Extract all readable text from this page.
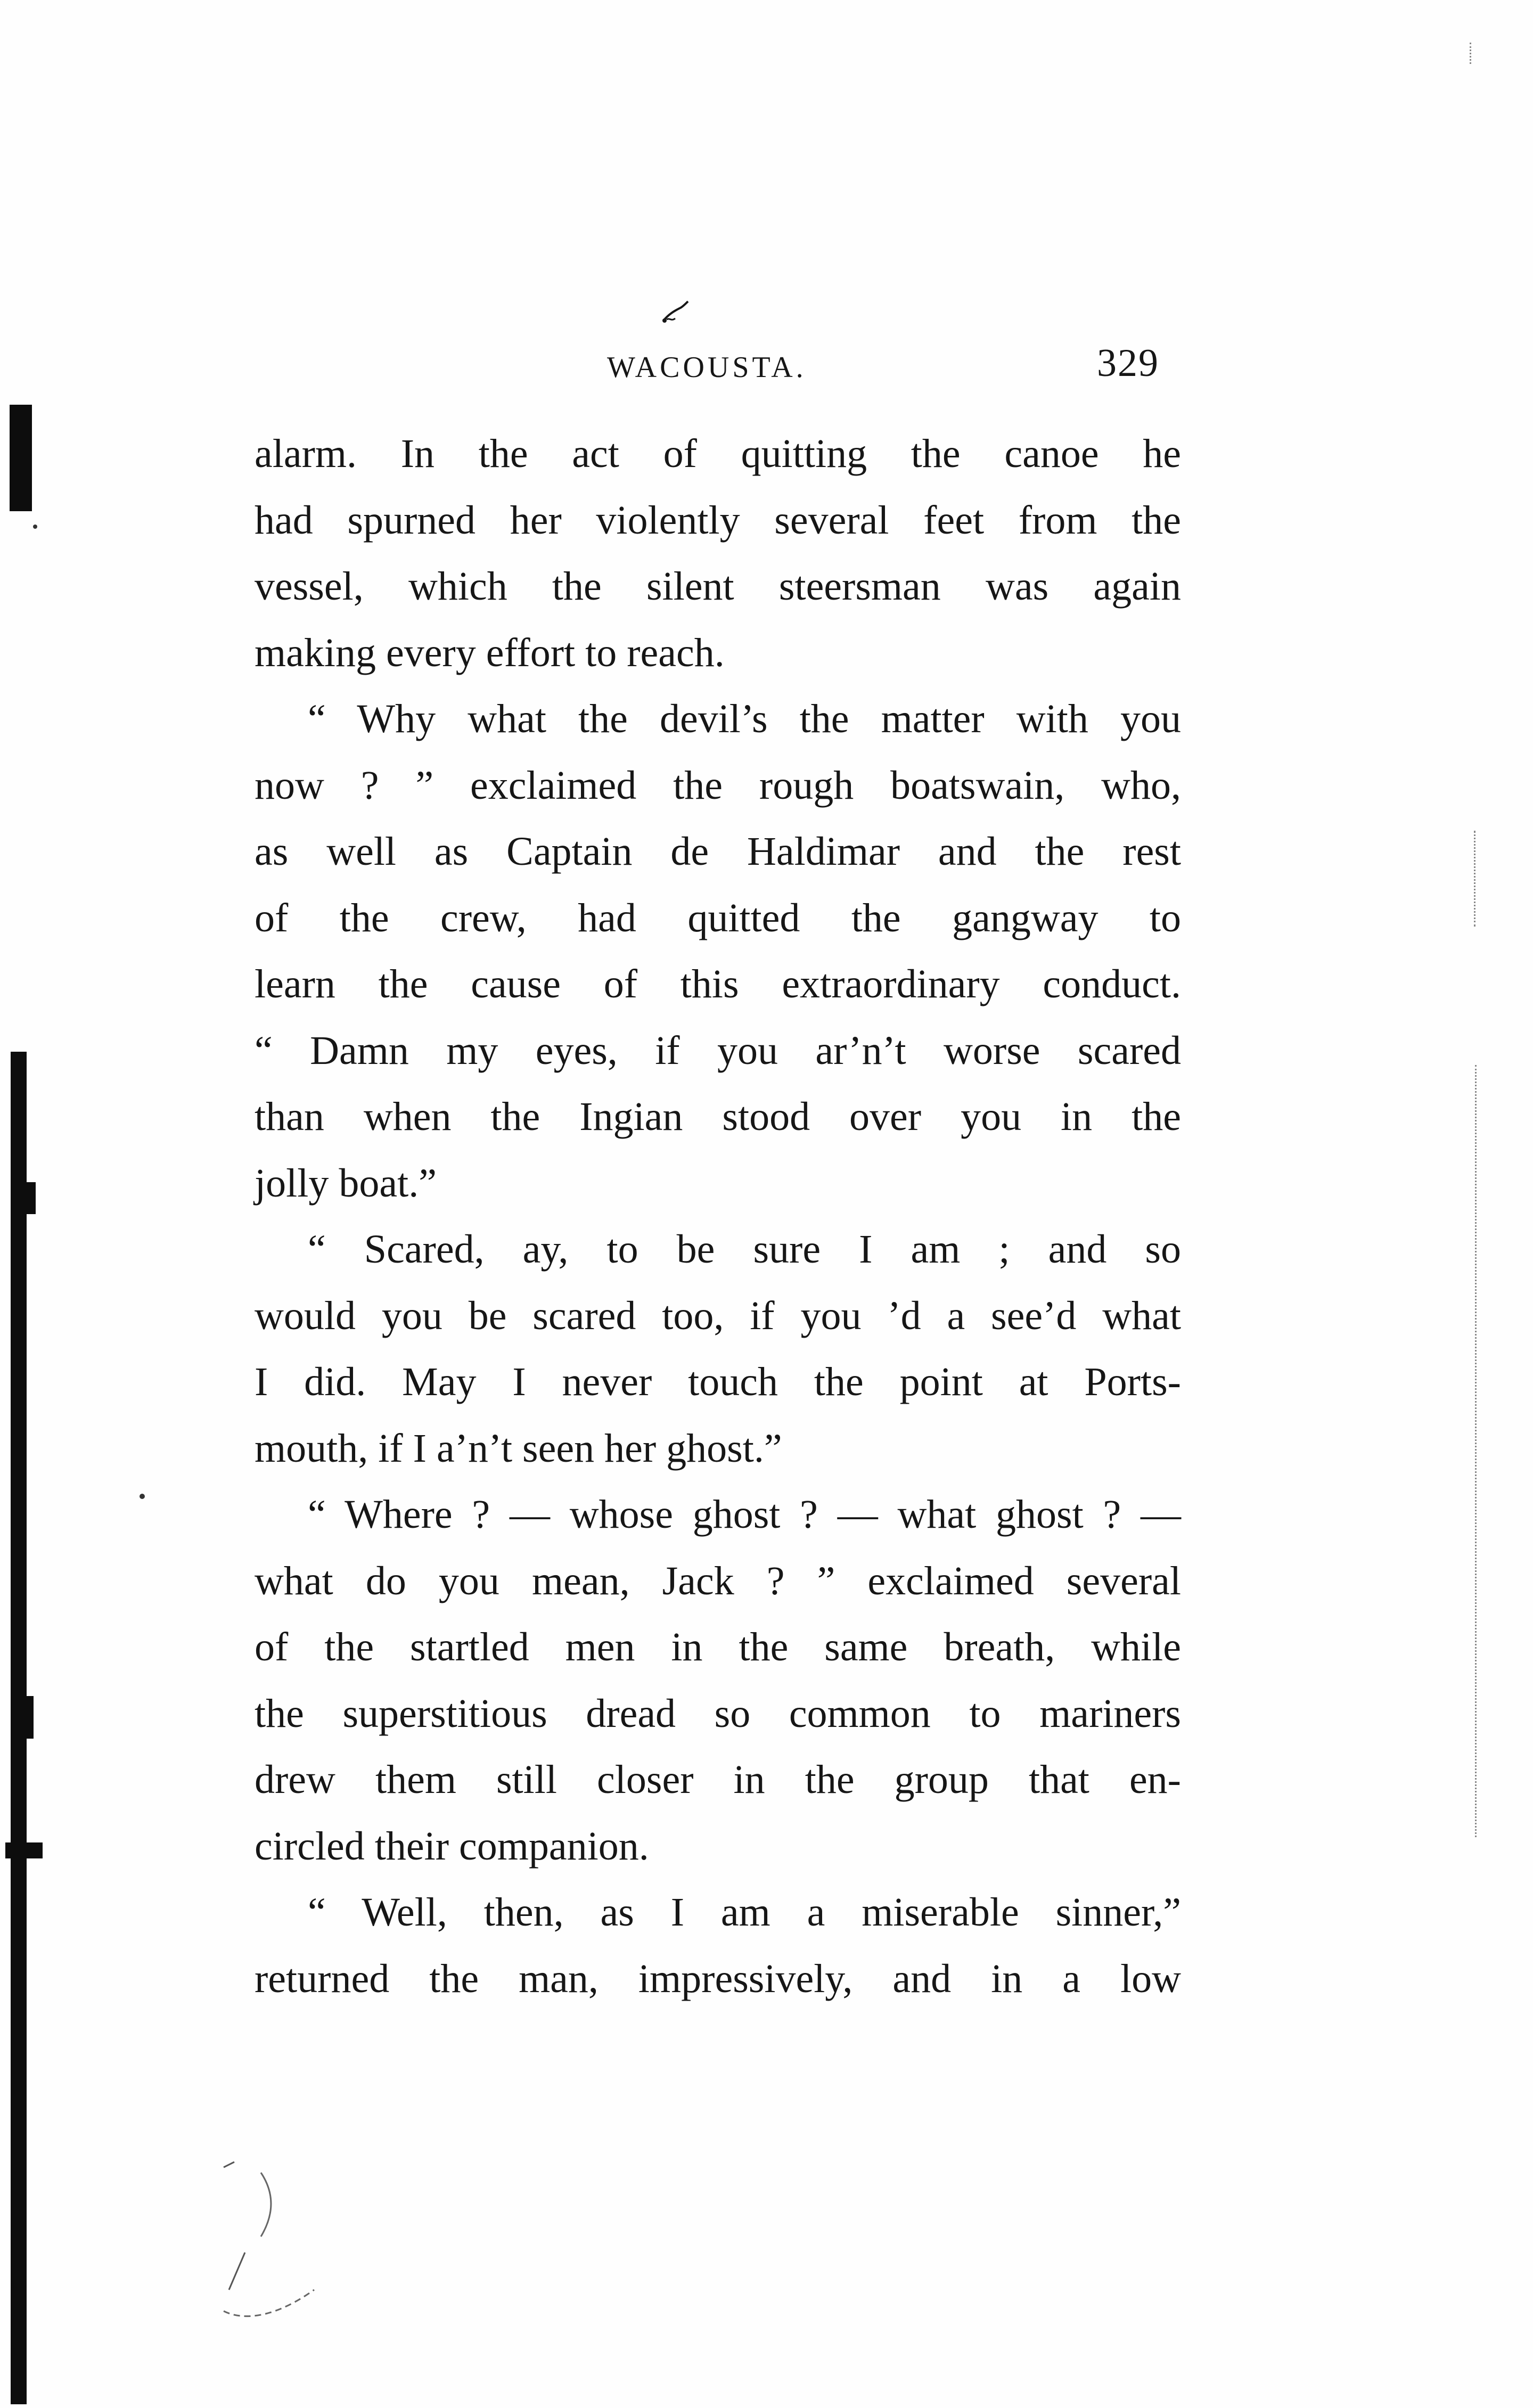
WACOUSTA.	329
alarm. In the act of quitting the canoe he
had spurned her violently several feet from the
vessel, which the silent steersman was again
making every effort to reach.
“ Why what the devil’s the matter with you
now ? ” exclaimed the rough boatswain, who,
as well as Captain de Haldimar and the rest
of the crew, had quitted the gangway to
learn the cause of this extraordinary conduct.
“ Damn my eyes, if you ar’n’t worse scared
than when the Ingian stood over you in the
jolly boat.”
“ Scared, ay, to be sure I am ; and so
would you be scared too, if you ’d a see’d what
I did. May I never touch the point at Ports-
mouth, if I a’n’t seen her ghost.”
“ Where ? — whose ghost ? — what ghost ? —
what do you mean, Jack ? ” exclaimed several
of the startled men in the same breath, while
the superstitious dread so common to mariners
drew them still closer in the group that en-
circled their companion.
“ Well, then, as I am a miserable sinner,”
returned the man, impressively, and in a low
